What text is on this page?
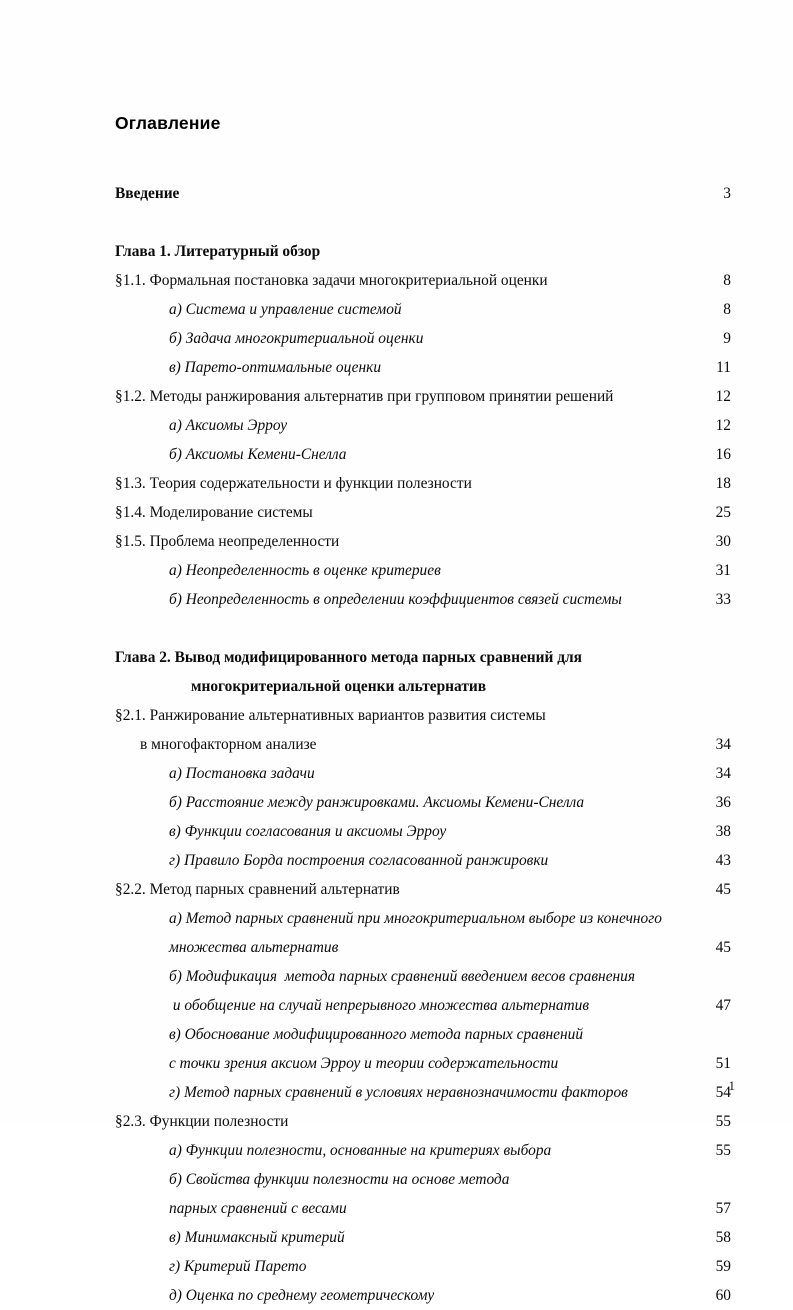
Оглавление
Введение	3
Глава 1. Литературный обзор
§1.1. Формальная постановка задачи многокритериальной оценки	8
а) Система и управление системой	8
б) Задача многокритериальной оценки	9
в) Парето-оптимальные оценки	11
§1.2. Методы ранжирования альтернатив при групповом принятии решений	12
а) Аксиомы Эрроу	12
б) Аксиомы Кемени-Снелла	16
§1.3. Теория содержательности и функции полезности	18
§1.4. Моделирование системы	25
§1.5. Проблема неопределенности	30
а) Неопределенность в оценке критериев	31
б) Неопределенность в определении коэффициентов связей системы	33
Глава 2. Вывод модифицированного метода парных сравнений для
многокритериальной оценки альтернатив
§2.1. Ранжирование альтернативных вариантов развития системы
в многофакторном анализе	34
а) Постановка задачи	34
б) Расстояние между ранжировками. Аксиомы Кемени-Снелла	36
в) Функции согласования и аксиомы Эрроу	38
г) Правило Борда построения согласованной ранжировки	43
§2.2. Метод парных сравнений альтернатив	45
а) Метод парных сравнений при многокритериальном выборе из конечного
множества альтернатив	45
б) Модификация  метода парных сравнений введением весов сравнения
и обобщение на случай непрерывного множества альтернатив	47
в) Обоснование модифицированного метода парных сравнений
с точки зрения аксиом Эрроу и теории содержательности	51
г) Метод парных сравнений в условиях неравнозначимости факторов	54
§2.3. Функции полезности	55
а) Функции полезности, основанные на критериях выбора	55
б) Свойства функции полезности на основе метода
парных сравнений с весами	57
в) Минимаксный критерий	58
г) Критерий Парето	59
д) Оценка по среднему геометрическому	60
1
